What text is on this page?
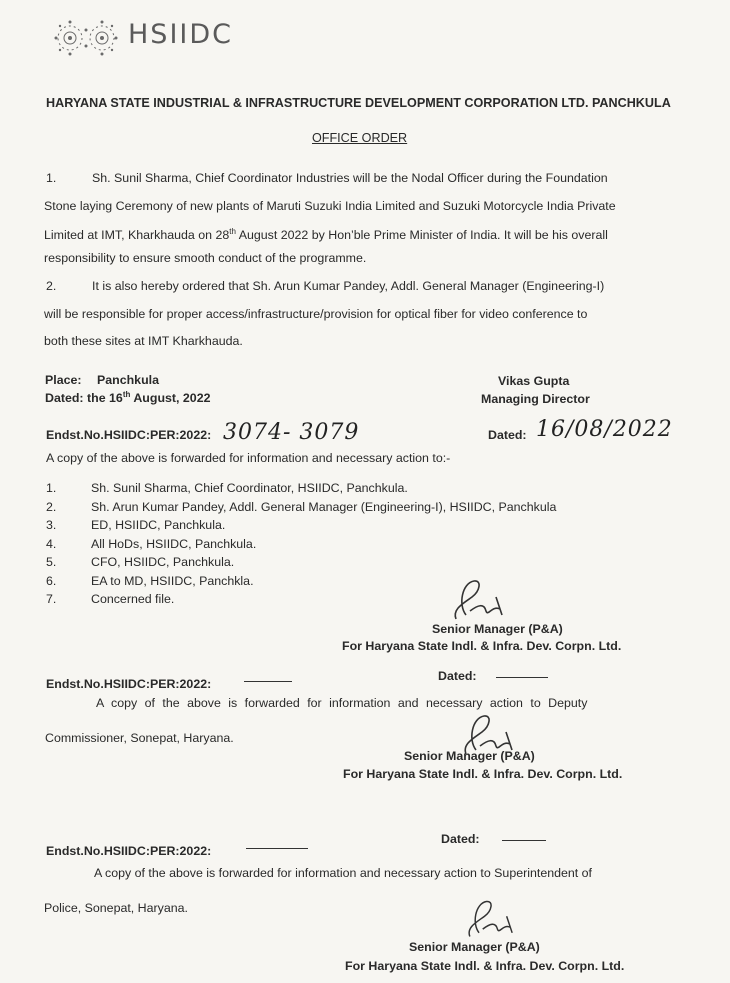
HSIIDC
HARYANA STATE INDUSTRIAL & INFRASTRUCTURE DEVELOPMENT CORPORATION LTD. PANCHKULA
OFFICE ORDER
1.	Sh. Sunil Sharma, Chief Coordinator Industries will be the Nodal Officer during the Foundation
Stone laying Ceremony of new plants of Maruti Suzuki India Limited and Suzuki Motorcycle India Private
Limited at IMT, Kharkhauda on 28th August 2022 by Hon’ble Prime Minister of India. It will be his overall
responsibility to ensure smooth conduct of the programme.
2.	It is also hereby ordered that Sh. Arun Kumar Pandey, Addl. General Manager (Engineering-I)
will be responsible for proper access/infrastructure/provision for optical fiber for video conference to
both these sites at IMT Kharkhauda.
Place: Panchkula
Dated: the 16th August, 2022
Vikas Gupta
Managing Director
Endst.No.HSIIDC:PER:2022: 3074- 3079	Dated: 16/08/2022
A copy of the above is forwarded for information and necessary action to:-
1.	Sh. Sunil Sharma, Chief Coordinator, HSIIDC, Panchkula.
2.	Sh. Arun Kumar Pandey, Addl. General Manager (Engineering-I), HSIIDC, Panchkula
3.	ED, HSIIDC, Panchkula.
4.	All HoDs, HSIIDC, Panchkula.
5.	CFO, HSIIDC, Panchkula.
6.	EA to MD, HSIIDC, Panchkla.
7.	Concerned file.
Senior Manager (P&A)
For Haryana State Indl. & Infra. Dev. Corpn. Ltd.
Endst.No.HSIIDC:PER:2022:
Dated:
A copy of the above is forwarded for information and necessary action to Deputy
Commissioner, Sonepat, Haryana.
Senior Manager (P&A)
For Haryana State Indl. & Infra. Dev. Corpn. Ltd.
Endst.No.HSIIDC:PER:2022:
Dated:
A copy of the above is forwarded for information and necessary action to Superintendent of
Police, Sonepat, Haryana.
Senior Manager (P&A)
For Haryana State Indl. & Infra. Dev. Corpn. Ltd.
